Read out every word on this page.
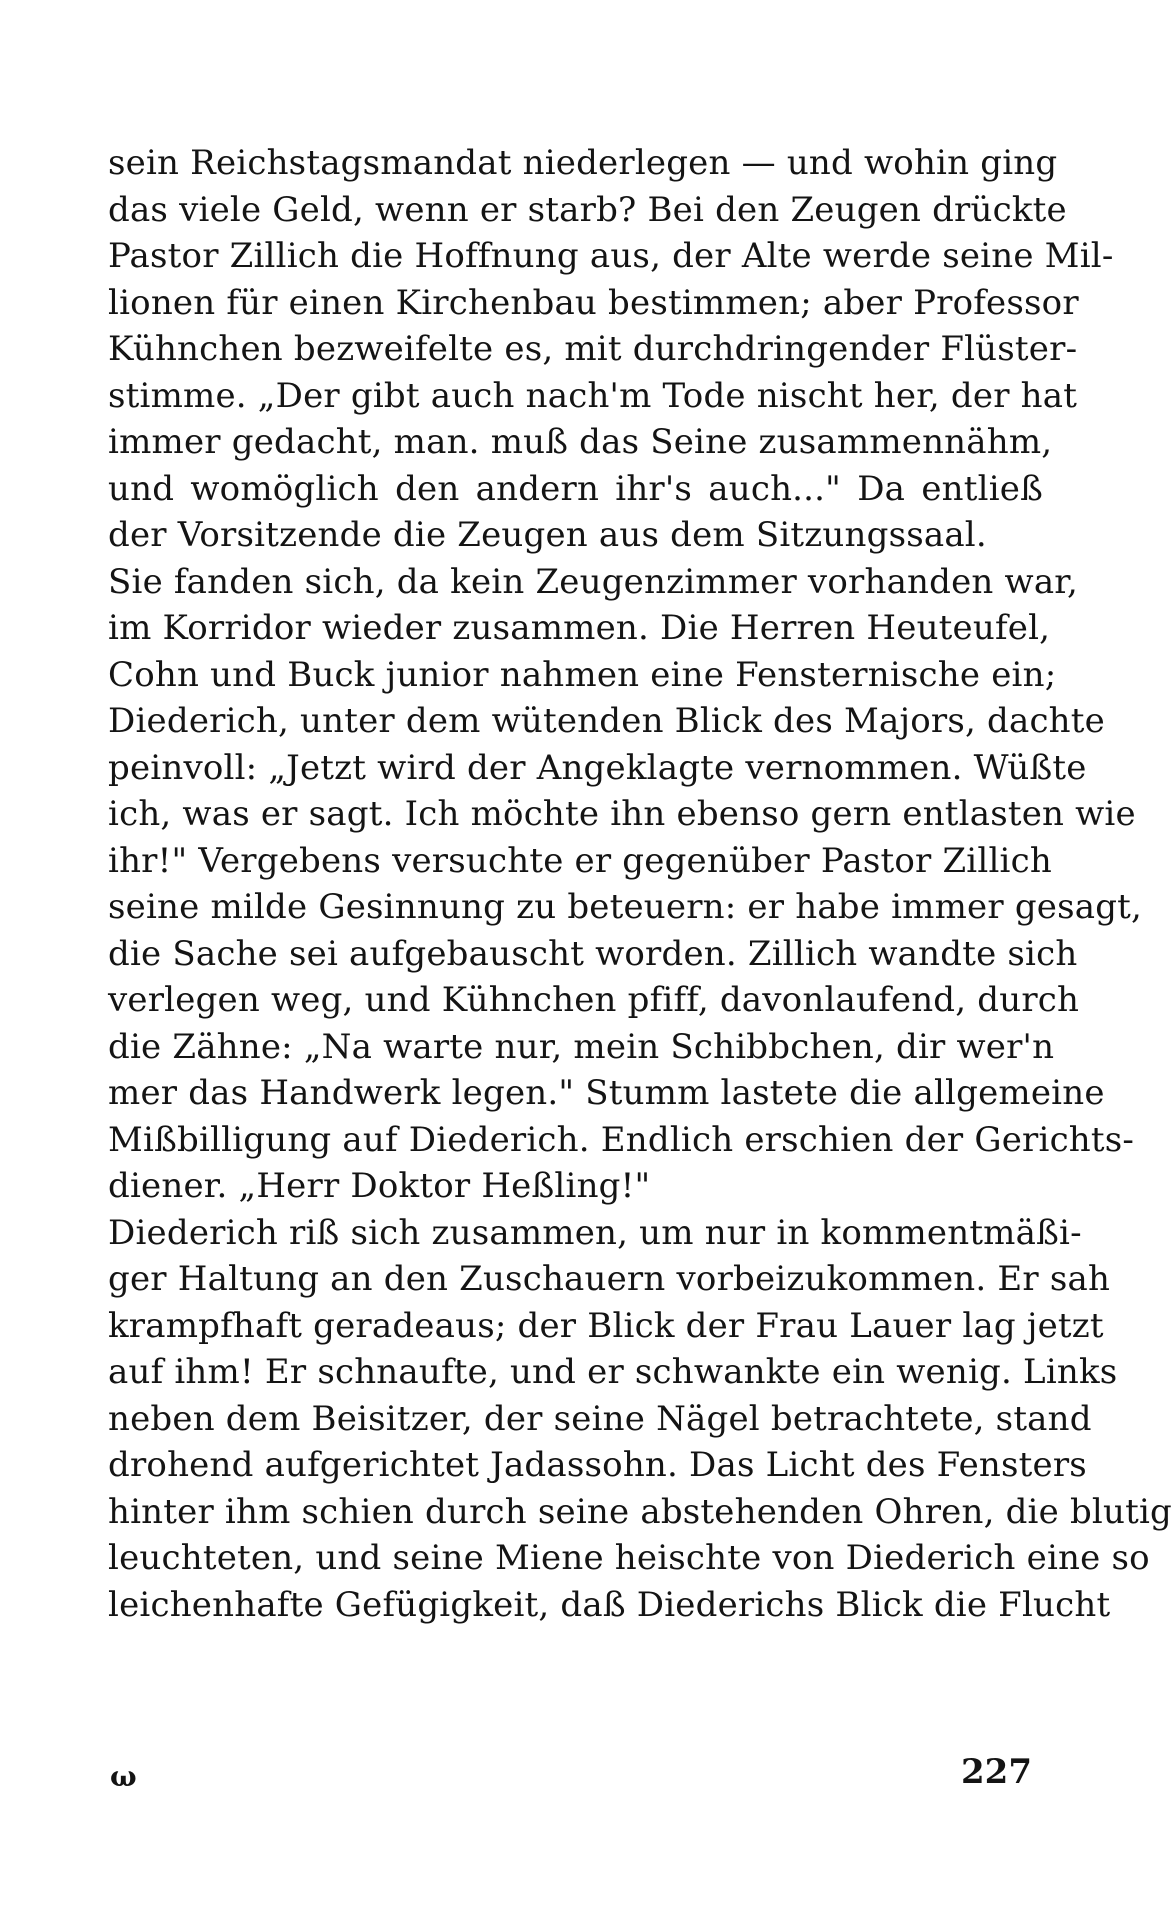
sein Reichstagsmandat niederlegen — und wohin ging
das viele Geld, wenn er starb? Bei den Zeugen drückte
Pastor Zillich die Hoffnung aus, der Alte werde seine Mil-
lionen für einen Kirchenbau bestimmen; aber Professor
Kühnchen bezweifelte es, mit durchdringender Flüster-
stimme. „Der gibt auch nach'm Tode nischt her, der hat
immer gedacht, man. muß das Seine zusammennähm,
und womöglich den andern ihr's auch..." Da entließ
der Vorsitzende die Zeugen aus dem Sitzungssaal.
Sie fanden sich, da kein Zeugenzimmer vorhanden war,
im Korridor wieder zusammen. Die Herren Heuteufel,
Cohn und Buck junior nahmen eine Fensternische ein;
Diederich, unter dem wütenden Blick des Majors, dachte
peinvoll: „Jetzt wird der Angeklagte vernommen. Wüßte
ich, was er sagt. Ich möchte ihn ebenso gern entlasten wie
ihr!" Vergebens versuchte er gegenüber Pastor Zillich
seine milde Gesinnung zu beteuern: er habe immer gesagt,
die Sache sei aufgebauscht worden. Zillich wandte sich
verlegen weg, und Kühnchen pfiff, davonlaufend, durch
die Zähne: „Na warte nur, mein Schibbchen, dir wer'n
mer das Handwerk legen." Stumm lastete die allgemeine
Mißbilligung auf Diederich. Endlich erschien der Gerichts-
diener. „Herr Doktor Heßling!"
Diederich riß sich zusammen, um nur in kommentmäßi-
ger Haltung an den Zuschauern vorbeizukommen. Er sah
krampfhaft geradeaus; der Blick der Frau Lauer lag jetzt
auf ihm! Er schnaufte, und er schwankte ein wenig. Links
neben dem Beisitzer, der seine Nägel betrachtete, stand
drohend aufgerichtet Jadassohn. Das Licht des Fensters
hinter ihm schien durch seine abstehenden Ohren, die blutig
leuchteten, und seine Miene heischte von Diederich eine so
leichenhafte Gefügigkeit, daß Diederichs Blick die Flucht
ω	227
